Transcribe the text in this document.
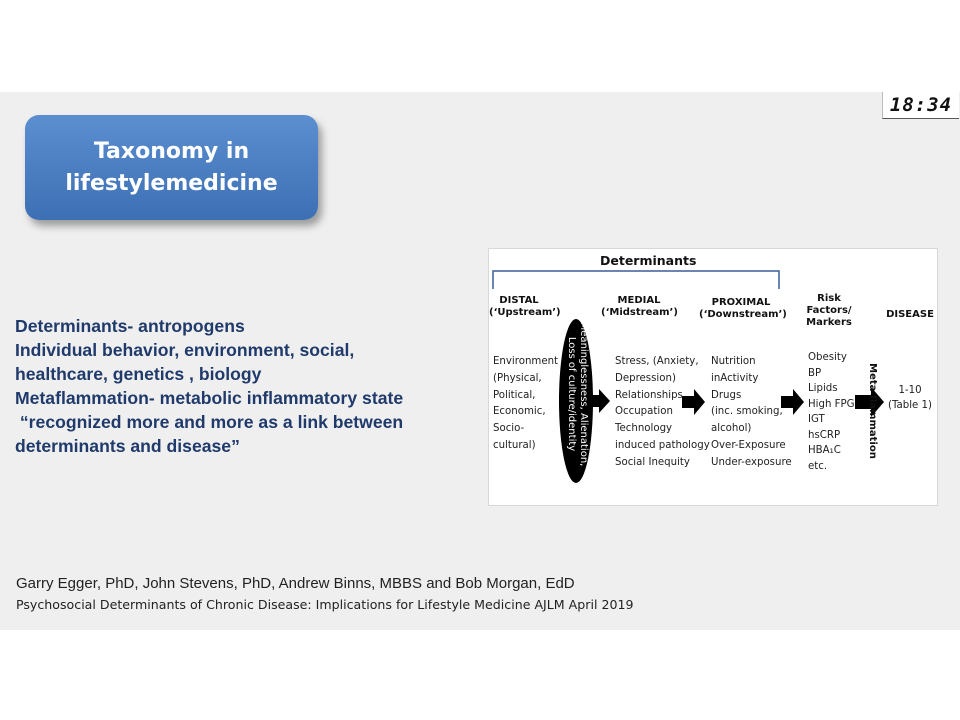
18:34
Taxonomy in
lifestylemedicine
Determinants- antropogens
Individual behavior, environment, social,
healthcare, genetics , biology
Metaflammation- metabolic inflammatory state
“recognized more and more as a link between
determinants and disease”
Determinants
DISTAL
(‘Upstream’)
MEDIAL
(‘Midstream’)
PROXIMAL
(‘Downstream’)
Risk
Factors/
Markers
DISEASE
Meaninglessness, Alienation,
Loss of culture/identity
Environment
(Physical,
Political,
Economic,
Socio-
cultural)
Stress, (Anxiety,
Depression)
Relationships
Occupation
Technology
induced pathology
Social Inequity
Nutrition
inActivity
Drugs
(inc. smoking,
alcohol)
Over-Exposure
Under-exposure
Obesity
BP
Lipids
High FPG
IGT
hsCRP
HBA₁C
etc.
Meta flammation	1-10
(Table 1)
Garry Egger, PhD, John Stevens, PhD, Andrew Binns, MBBS and Bob Morgan, EdD
Psychosocial Determinants of Chronic Disease: Implications for Lifestyle Medicine AJLM April 2019
